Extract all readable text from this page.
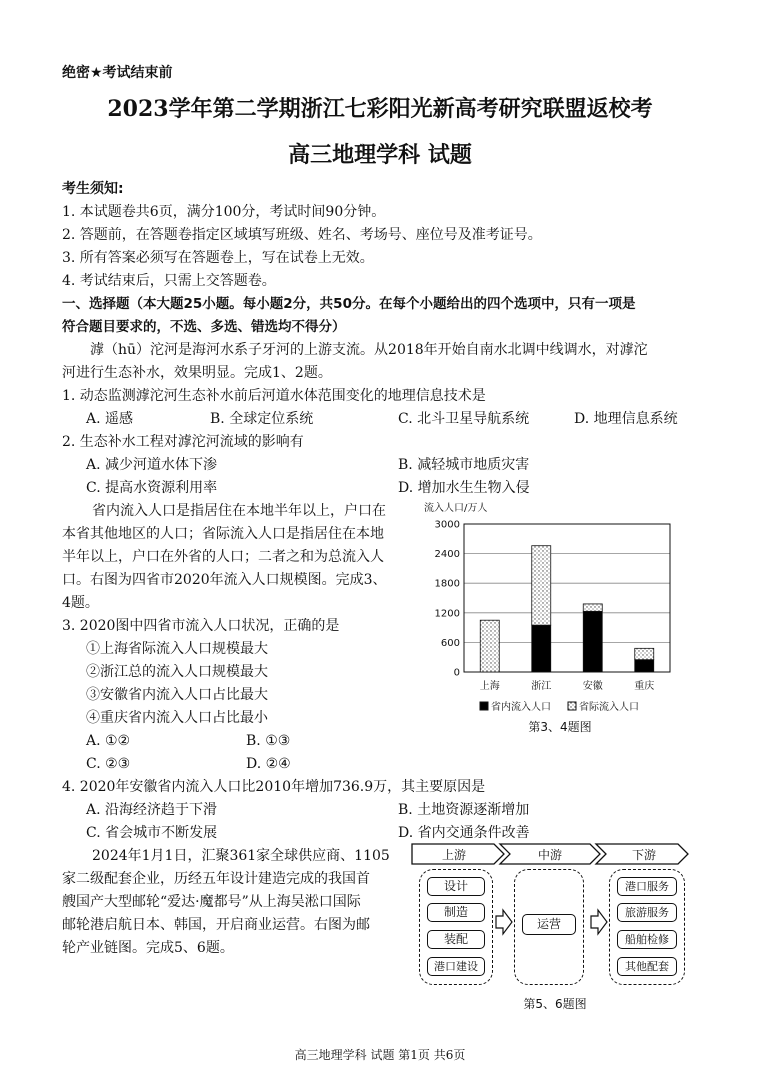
绝密★考试结束前
2023学年第二学期浙江七彩阳光新高考研究联盟返校考
高三地理学科 试题
考生须知:
1. 本试题卷共6页，满分100分，考试时间90分钟。
2. 答题前，在答题卷指定区域填写班级、姓名、考场号、座位号及准考证号。
3. 所有答案必须写在答题卷上，写在试卷上无效。
4. 考试结束后，只需上交答题卷。
一、选择题（本大题25小题。每小题2分，共50分。在每个小题给出的四个选项中，只有一项是
符合题目要求的，不选、多选、错选均不得分）
滹（hū）沱河是海河水系子牙河的上游支流。从2018年开始自南水北调中线调水，对滹沱
河进行生态补水，效果明显。完成1、2题。
1. 动态监测滹沱河生态补水前后河道水体范围变化的地理信息技术是
A. 遥感	B. 全球定位系统	C. 北斗卫星导航系统	D. 地理信息系统
2. 生态补水工程对滹沱河流域的影响有
A. 减少河道水体下渗	B. 减轻城市地质灾害
C. 提高水资源利用率	D. 增加水生生物入侵
省内流入人口是指居住在本地半年以上，户口在
本省其他地区的人口；省际流入人口是指居住在本地
半年以上，户口在外省的人口；二者之和为总流入人
口。右图为四省市2020年流入人口规模图。完成3、
4题。
3. 2020图中四省市流入人口状况，正确的是
①上海省际流入人口规模最大
②浙江总的流入人口规模最大
③安徽省内流入人口占比最大
④重庆省内流入人口占比最小
A. ①②	B. ①③
C. ②③	D. ②④
4. 2020年安徽省内流入人口比2010年增加736.9万，其主要原因是
A. 沿海经济趋于下滑	B. 土地资源逐渐增加
C. 省会城市不断发展	D. 省内交通条件改善
2024年1月1日，汇聚361家全球供应商、1105
家二级配套企业，历经五年设计建造完成的我国首
艘国产大型邮轮“爱达·魔都号”从上海吴淞口国际
邮轮港启航日本、韩国，开启商业运营。右图为邮
轮产业链图。完成5、6题。
流入人口/万人
0
600
1200
1800
2400
3000
上海	浙江	安徽	重庆
省内流入人口	省际流入人口
第3、4题图
上游	中游	下游
设计
制造
装配
港口建设
运营
港口服务
旅游服务
船舶检修
其他配套
第5、6题图
高三地理学科 试题 第1页 共6页
